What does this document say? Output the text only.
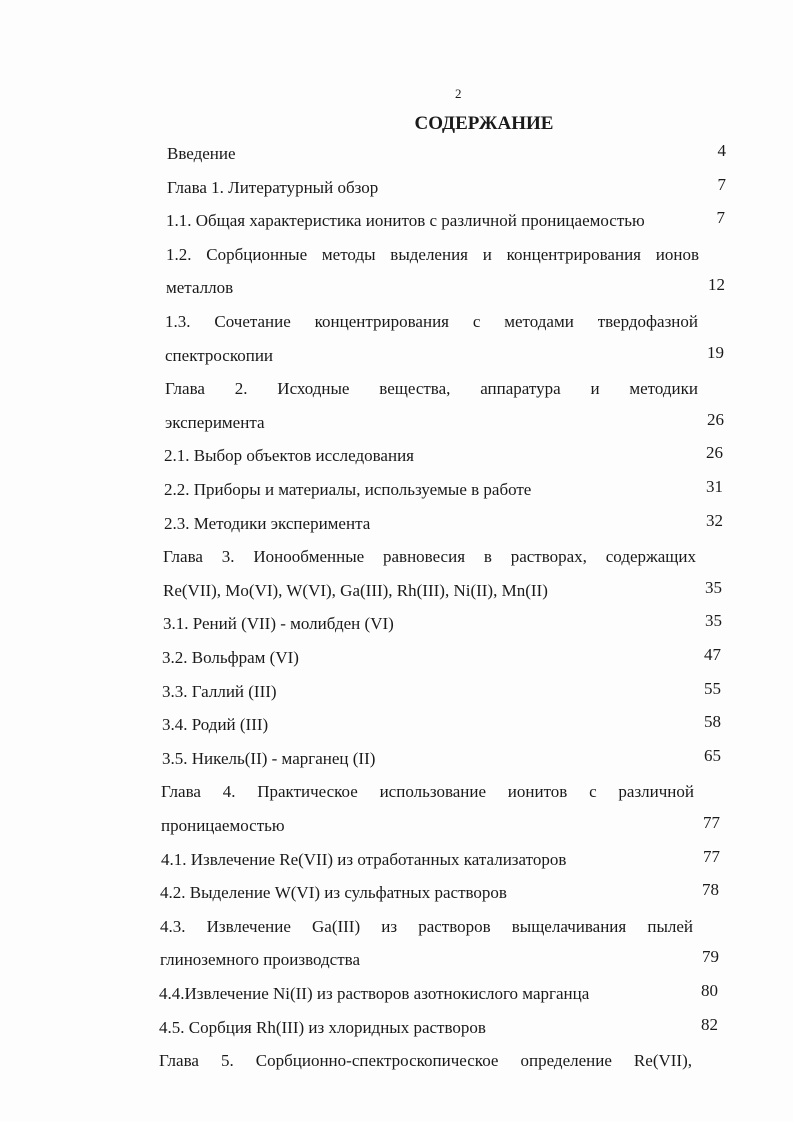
2
СОДЕРЖАНИЕ
Введение	4
Глава 1. Литературный обзор	7
1.1. Общая характеристика ионитов с различной проницаемостью	7
1.2. Сорбционные методы выделения и концентрирования ионов
металлов	12
1.3. Сочетание концентрирования с методами твердофазной
спектроскопии	19
Глава 2. Исходные вещества, аппаратура и методики
эксперимента	26
2.1. Выбор объектов исследования	26
2.2. Приборы и материалы, используемые в работе	31
2.3. Методики эксперимента	32
Глава 3. Ионообменные равновесия в растворах, содержащих
Re(VII), Mo(VI), W(VI), Ga(III), Rh(III), Ni(II), Mn(II)	35
3.1. Рений (VII) - молибден (VI)	35
3.2. Вольфрам (VI)	47
3.3. Галлий (III)	55
3.4. Родий (III)	58
3.5. Никель(II) - марганец (II)	65
Глава 4. Практическое использование ионитов с различной
проницаемостью	77
4.1. Извлечение Re(VII) из отработанных катализаторов	77
4.2. Выделение W(VI) из сульфатных растворов	78
4.3. Извлечение Ga(III) из растворов выщелачивания пылей
глиноземного производства	79
4.4.Извлечение Ni(II) из растворов азотнокислого марганца	80
4.5. Сорбция Rh(III) из хлоридных растворов	82
Глава 5. Сорбционно-спектроскопическое определение Re(VII),
